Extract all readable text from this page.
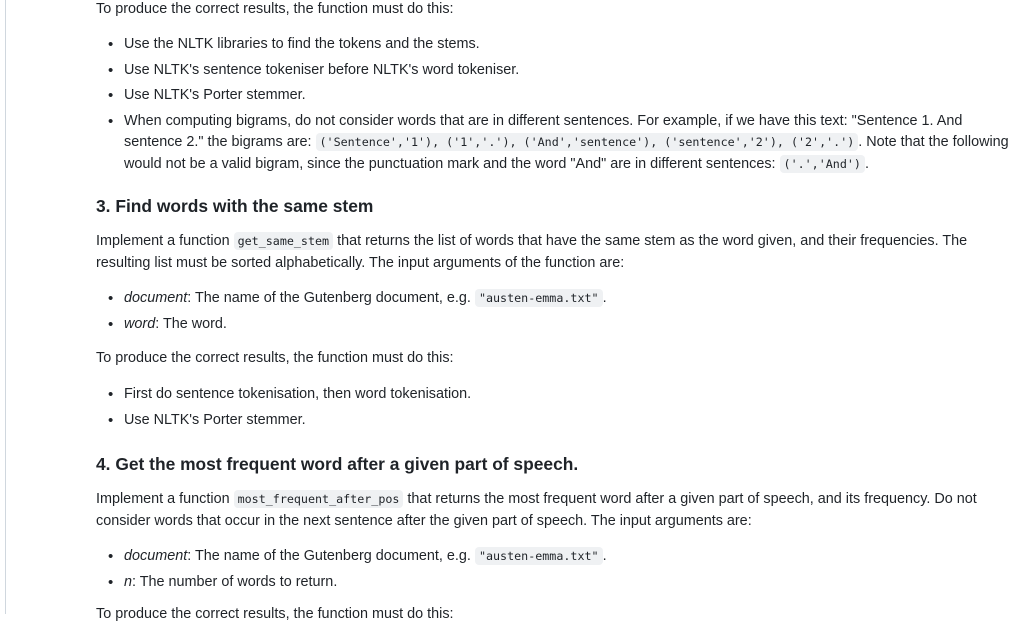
To produce the correct results, the function must do this:

• Use the NLTK libraries to find the tokens and the stems.
• Use NLTK's sentence tokeniser before NLTK's word tokeniser.
• Use NLTK's Porter stemmer.
• When computing bigrams, do not consider words that are in different sentences. For example, if we have this text: "Sentence 1. And sentence 2." the bigrams are: ('Sentence','1'), ('1','.'), ('And','sentence'), ('sentence','2'), ('2','.') . Note that the following would not be a valid bigram, since the punctuation mark and the word "And" are in different sentences: ('.','And') .
3. Find words with the same stem

Implement a function get_same_stem that returns the list of words that have the same stem as the word given, and their frequencies. The resulting list must be sorted alphabetically. The input arguments of the function are:

• document: The name of the Gutenberg document, e.g. "austen-emma.txt" .
• word: The word.

To produce the correct results, the function must do this:

• First do sentence tokenisation, then word tokenisation.
• Use NLTK's Porter stemmer.
4. Get the most frequent word after a given part of speech.

Implement a function most_frequent_after_pos that returns the most frequent word after a given part of speech, and its frequency. Do not consider words that occur in the next sentence after the given part of speech. The input arguments are:

• document: The name of the Gutenberg document, e.g. "austen-emma.txt" .
• n: The number of words to return.

To produce the correct results, the function must do this:
